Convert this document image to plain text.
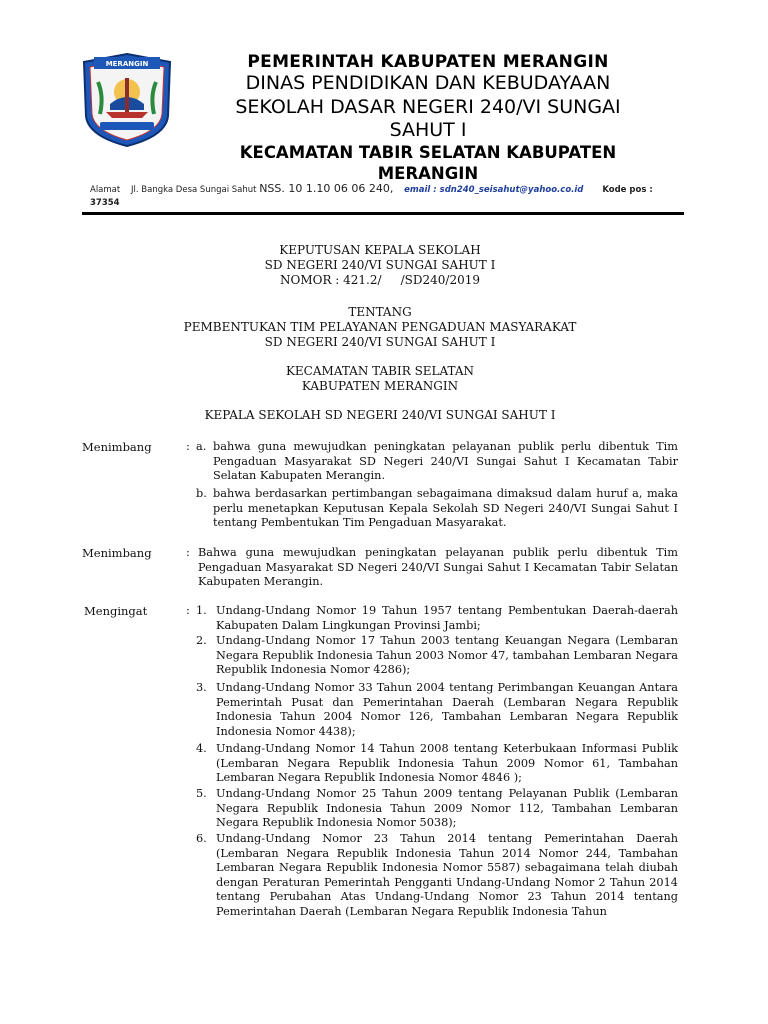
MERANGIN	PEMERINTAH KABUPATEN MERANGIN
DINAS PENDIDIKAN DAN KEBUDAYAAN
SEKOLAH DASAR NEGERI 240/VI SUNGAI
SAHUT I
KECAMATAN TABIR SELATAN KABUPATEN
MERANGIN
Alamat Jl. Bangka Desa Sungai Sahut NSS. 10 1.10 06 06 240, email : sdn240_seisahut@yahoo.co.id Kode pos :
37354
KEPUTUSAN KEPALA SEKOLAH
SD NEGERI 240/VI SUNGAI SAHUT I
NOMOR : 421.2/     /SD240/2019
TENTANG
PEMBENTUKAN TIM PELAYANAN PENGADUAN MASYARAKAT
SD NEGERI 240/VI SUNGAI SAHUT I
KECAMATAN TABIR SELATAN
KABUPATEN MERANGIN
KEPALA SEKOLAH SD NEGERI 240/VI SUNGAI SAHUT I
Menimbang	: a. bahwa guna mewujudkan peningkatan pelayanan publik perlu dibentuk Tim Pengaduan Masyarakat SD Negeri 240/VI Sungai Sahut I Kecamatan Tabir Selatan Kabupaten Merangin.
b. bahwa berdasarkan pertimbangan sebagaimana dimaksud dalam huruf a, maka perlu menetapkan Keputusan Kepala Sekolah SD Negeri 240/VI Sungai Sahut I tentang Pembentukan Tim Pengaduan Masyarakat.
Menimbang	: Bahwa guna mewujudkan peningkatan pelayanan publik perlu dibentuk Tim Pengaduan Masyarakat SD Negeri 240/VI Sungai Sahut I Kecamatan Tabir Selatan Kabupaten Merangin.
Mengingat	: 1. Undang-Undang Nomor 19 Tahun 1957 tentang Pembentukan Daerah-daerah Kabupaten Dalam Lingkungan Provinsi Jambi;
2. Undang-Undang Nomor 17 Tahun 2003 tentang Keuangan Negara (Lembaran Negara Republik Indonesia Tahun 2003 Nomor 47, tambahan Lembaran Negara Republik Indonesia Nomor 4286);
3. Undang-Undang Nomor 33 Tahun 2004 tentang Perimbangan Keuangan Antara Pemerintah Pusat dan Pemerintahan Daerah (Lembaran Negara Republik Indonesia Tahun 2004 Nomor 126, Tambahan Lembaran Negara Republik Indonesia Nomor 4438);
4. Undang-Undang Nomor 14 Tahun 2008 tentang Keterbukaan Informasi Publik (Lembaran Negara Republik Indonesia Tahun 2009 Nomor 61, Tambahan Lembaran Negara Republik Indonesia Nomor 4846 );
5. Undang-Undang Nomor 25 Tahun 2009 tentang Pelayanan Publik (Lembaran Negara Republik Indonesia Tahun 2009 Nomor 112, Tambahan Lembaran Negara Republik Indonesia Nomor 5038);
6. Undang-Undang Nomor 23 Tahun 2014 tentang Pemerintahan Daerah (Lembaran Negara Republik Indonesia Tahun 2014 Nomor 244, Tambahan Lembaran Negara Republik Indonesia Nomor 5587) sebagaimana telah diubah dengan Peraturan Pemerintah Pengganti Undang-Undang Nomor 2 Tahun 2014 tentang Perubahan Atas Undang-Undang Nomor 23 Tahun 2014 tentang Pemerintahan Daerah (Lembaran Negara Republik Indonesia Tahun
